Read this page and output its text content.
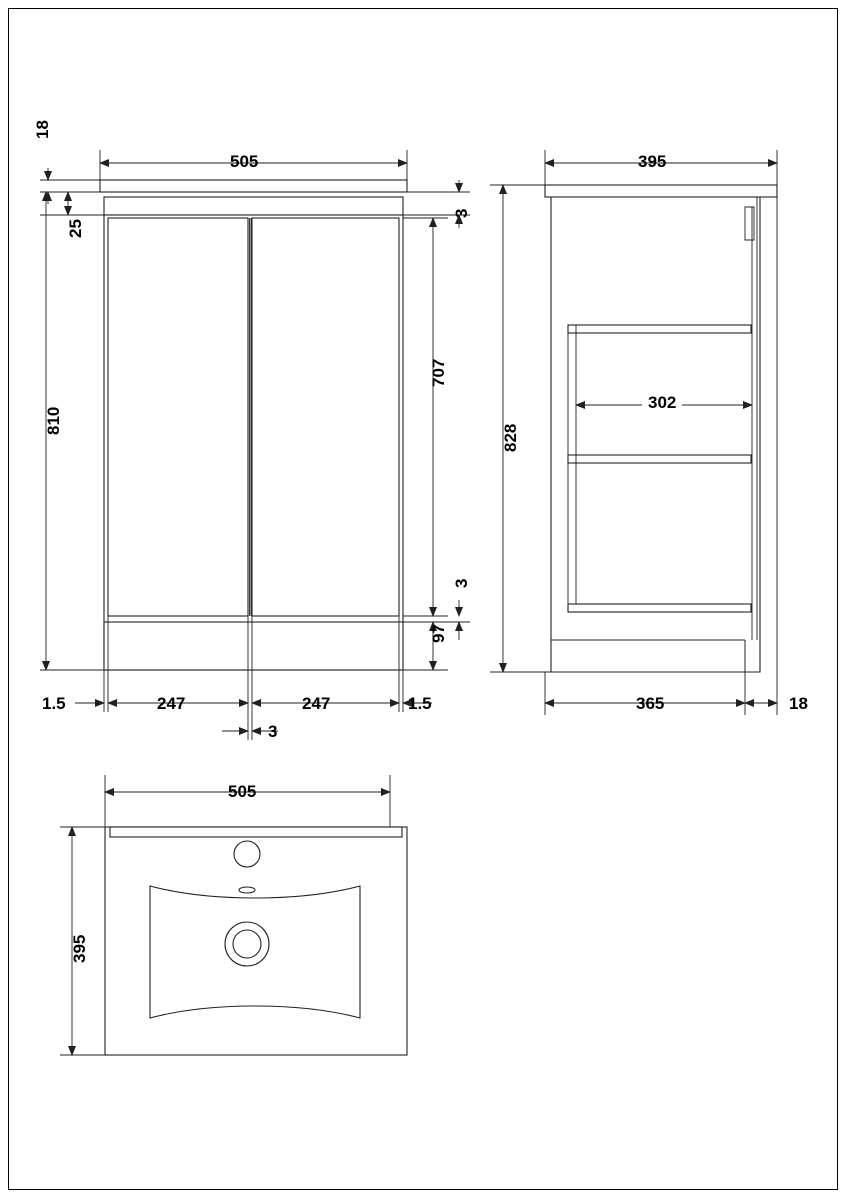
505
18
25
810
3
707
3
97
1.5	247	247	1.5
3
395
828
302
365	18
505
395
